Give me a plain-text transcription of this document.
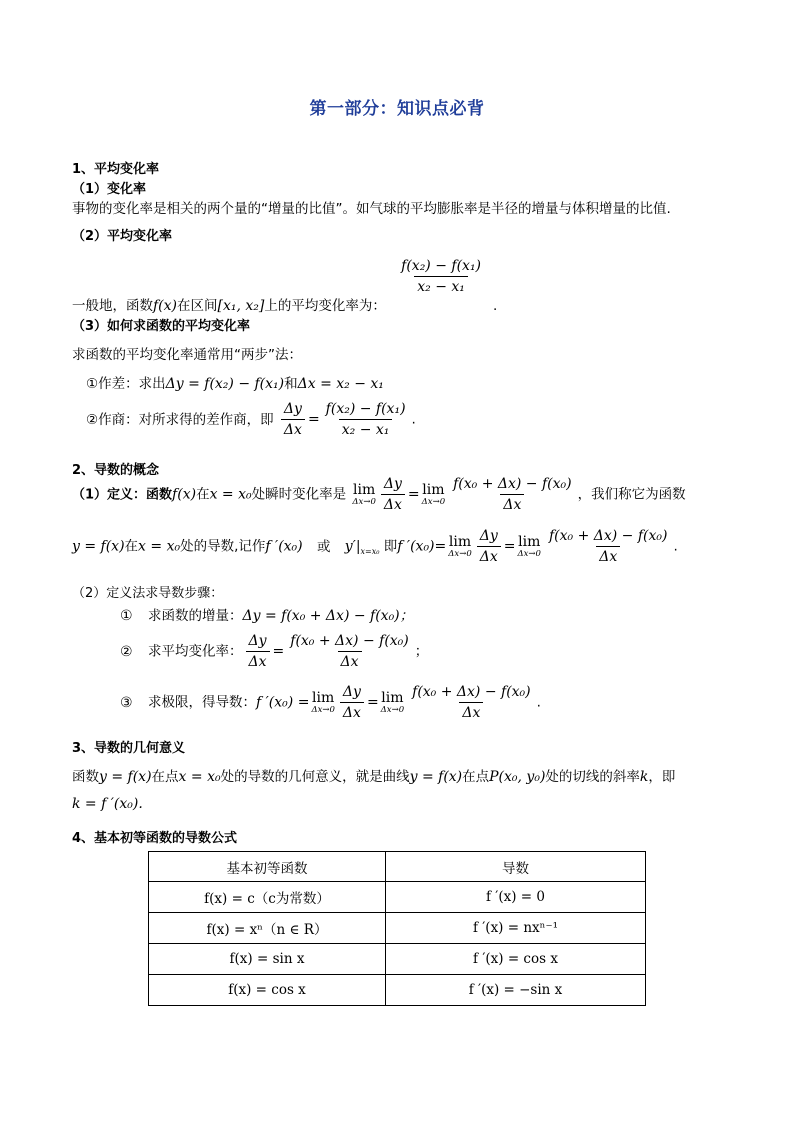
第一部分：知识点必背
1、平均变化率
（1）变化率
事物的变化率是相关的两个量的“增量的比值”。如气球的平均膨胀率是半径的增量与体积增量的比值.
（2）平均变化率
一般地，函数f(x)在区间[x₁, x₂]上的平均变化率为：
$\frac{\text{f(x₂) − f(x₁)}}{\text{x₂ − x₁}}$
.
（3）如何求函数的平均变化率
求函数的平均变化率通常用“两步”法：
①作差：求出Δy = f(x₂) − f(x₁)和Δx = x₂ − x₁
②作商：对所求得的差作商，即 $\frac{\Delta y}{\Delta x} = \frac{\text{f(x₂) − f(x₁)}}{\text{x₂ − x₁}}$ .
2、导数的概念
（1）定义：函数f(x)在x = x₀处瞬时变化率是 lim
$\Delta x\to 0 \frac{\Delta y}{\Delta x} = \lim$
$\Delta x\to 0 \frac{\text{f(x₀ + Δx) − f(x₀)}}{\Delta x}$ ，我们称它为函数
y = f(x)在x = x₀处的导数,记作f ′(x₀) 或 $y'|_{x=x_0}$ 即f ′(x₀)= lim
$\Delta x\to 0 \frac{\Delta y}{\Delta x} = \lim$
$\Delta x\to 0 \frac{\text{f(x₀ + Δx) − f(x₀)}}{\Delta x}$ .
（2）定义法求导数步骤：
① 求函数的增量：Δy = f(x₀ + Δx) − f(x₀)；
② 求平均变化率： $\frac{\Delta y}{\Delta x} = \frac{\text{f(x₀ + Δx) − f(x₀)}}{\Delta x}$ ；
③ 求极限，得导数：f ′(x₀) = lim
$\Delta x\to 0 \frac{\Delta y}{\Delta x} = \lim$
$\Delta x\to 0 \frac{\text{f(x₀ + Δx) − f(x₀)}}{\Delta x}$ .
3、导数的几何意义
函数y = f(x)在点x = x₀处的导数的几何意义，就是曲线y = f(x)在点P(x₀, y₀)处的切线的斜率k，即
k = f ′(x₀).
4、基本初等函数的导数公式
基本初等函数	导数
f(x) = c（c为常数）	f ′(x) = 0
f(x) = xⁿ（n ∈ R）	f ′(x) = nxⁿ⁻¹
f(x) = sin x	f ′(x) = cos x
f(x) = cos x	f ′(x) = −sin x
